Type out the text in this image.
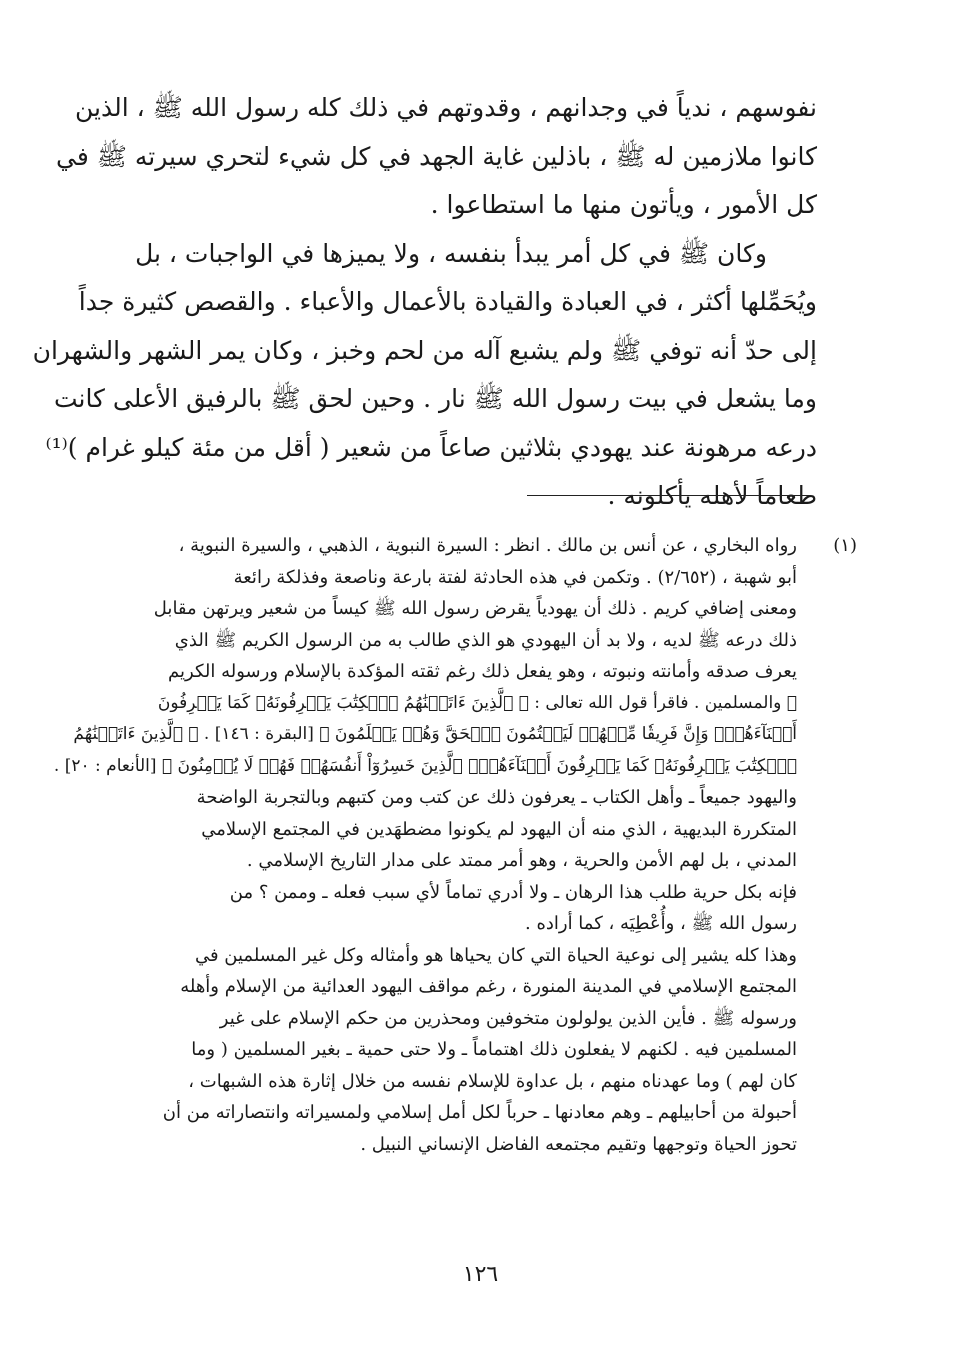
نفوسهم ، ندياً في وجدانهم ، وقدوتهم في ذلك كله رسول الله ﷺ ، الذين

كانوا ملازمين له ﷺ ، باذلين غاية الجهد في كل شيء لتحري سيرته ﷺ في

كل الأمور ، ويأتون منها ما استطاعوا .

وكان ﷺ في كل أمر يبدأ بنفسه ، ولا يميزها في الواجبات ، بل

ويُحَمِّلها أكثر ، في العبادة والقيادة بالأعمال والأعباء . والقصص كثيرة جداً

إلى حدّ أنه توفي ﷺ ولم يشبع آله من لحم وخبز ، وكان يمر الشهر والشهران

وما يشعل في بيت رسول الله ﷺ نار . وحين لحق ﷺ بالرفيق الأعلى كانت

درعه مرهونة عند يهودي بثلاثين صاعاً من شعير ( أقل من مئة كيلو غرام )⁽¹⁾

طعاماً لأهله يأكلونه .

(١)

رواه البخاري ، عن أنس بن مالك . انظر : السيرة النبوية ، الذهبي ، والسيرة النبوية ،

أبو شهبة ، (٢/٦٥٢) . وتكمن في هذه الحادثة لفتة بارعة وناصعة وفذلكة رائعة

ومعنى إضافي كريم . ذلك أن يهودياً يقرض رسول الله ﷺ كيساً من شعير ويرتهن مقابل

ذلك درعه ﷺ لديه ، ولا بد أن اليهودي هو الذي طالب به من الرسول الكريم ﷺ الذي

يعرف صدقه وأمانته ونبوته ، وهو يفعل ذلك رغم ثقته المؤكدة بالإسلام ورسوله الكريم

ﷺ والمسلمين . فاقرأ قول الله تعالى : ﴿ ٱلَّذِينَ ءَاتَيۡنَٰهُمُ ٱلۡكِتَٰبَ يَعۡرِفُونَهُۥ كَمَا يَعۡرِفُونَ

أَبۡنَآءَهُمۡۖ وَإِنَّ فَرِيقٗا مِّنۡهُمۡ لَيَكۡتُمُونَ ٱلۡحَقَّ وَهُمۡ يَعۡلَمُونَ ﴾ [البقرة : ١٤٦] . ﴿ ٱلَّذِينَ ءَاتَيۡنَٰهُمُ

ٱلۡكِتَٰبَ يَعۡرِفُونَهُۥ كَمَا يَعۡرِفُونَ أَبۡنَآءَهُمُۘ ٱلَّذِينَ خَسِرُوٓاْ أَنفُسَهُمۡ فَهُمۡ لَا يُؤۡمِنُونَ ﴾ [الأنعام : ٢٠] .

واليهود جميعاً ـ وأهل الكتاب ـ يعرفون ذلك عن كتب ومن كتبهم وبالتجربة الواضحة

المتكررة البديهية ، الذي منه أن اليهود لم يكونوا مضطهَدين في المجتمع الإسلامي

المدني ، بل لهم الأمن والحرية ، وهو أمر ممتد على مدار التاريخ الإسلامي .

فإنه بكل حرية طلب هذا الرهان ـ ولا أدري تماماً لأي سبب فعله ـ وممن ؟ من

رسول الله ﷺ ، وأُعْطِيَه ، كما أراده .

وهذا كله يشير إلى نوعية الحياة التي كان يحياها هو وأمثاله وكل غير المسلمين في

المجتمع الإسلامي في المدينة المنورة ، رغم مواقف اليهود العدائية من الإسلام وأهله

ورسوله ﷺ . فأين الذين يولولون متخوفين ومحذرين من حكم الإسلام على غير

المسلمين فيه . لكنهم لا يفعلون ذلك اهتماماً ـ ولا حتى حمية ـ بغير المسلمين ( وما

كان لهم ) وما عهدناه منهم ، بل عداوة للإسلام نفسه من خلال إثارة هذه الشبهات ،

أحبولة من أحابيلهم ـ وهم معادنها ـ حرباً لكل أمل إسلامي ولمسيراته وانتصاراته من أن

تحوز الحياة وتوجهها وتقيم مجتمعه الفاضل الإنساني النبيل .

١٢٦
